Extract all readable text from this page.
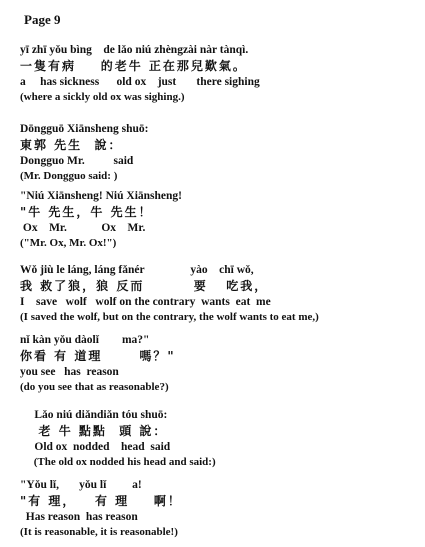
Page 9
yī zhī yǒu bìng    de lǎo niú zhèngzài nàr tànqì.
一隻有病    的老牛 正在那兒歎氣。
a     has sickness      old ox    just       there sighing
(where a sickly old ox was sighing.)
Dōngguō Xiānsheng shuō:
東郭 先生  說：
Dongguo Mr.          said
(Mr. Dongguo said: )
"Niú Xiānsheng! Niú Xiānsheng!
"牛 先生，牛 先生！
Ox    Mr.            Ox    Mr.
("Mr. Ox, Mr. Ox!")
Wǒ jiù le láng, láng fǎnér                yào    chī wǒ,
我 救了狼，狼 反而        要   吃我，
I    save   wolf   wolf on the contrary  wants  eat  me
(I saved the wolf, but on the contrary, the wolf wants to eat me,)
nǐ kàn yǒu dàolǐ        ma?"
你看 有 道理      嗎？"
you see   has  reason
(do you see that as reasonable?)
Lǎo niú diǎndiǎn tóu shuō:
老 牛 點點  頭 說：
Old ox  nodded    head  said
(The old ox nodded his head and said:)
"Yǒu lǐ,       yǒu lǐ         a!
"有 理，   有 理    啊！
Has reason  has reason
(It is reasonable, it is reasonable!)
